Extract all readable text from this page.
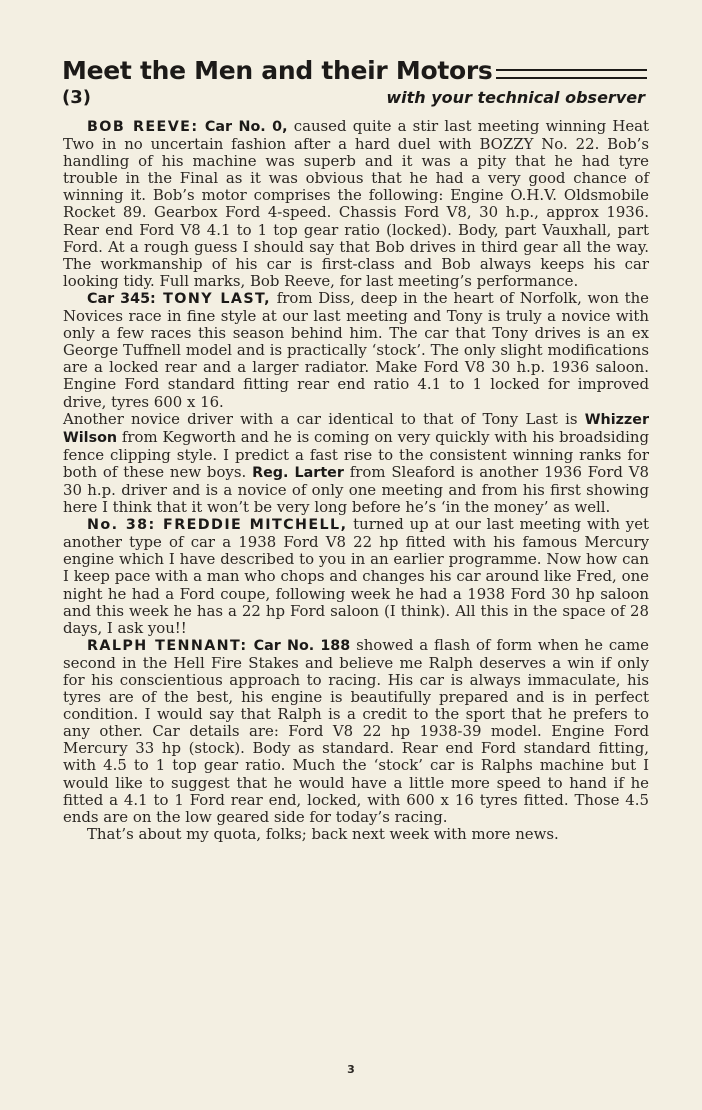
Meet the Men and their Motors
(3)	with your technical observer

BOB REEVE: Car No. 0, caused quite a stir last meeting winning Heat Two in no uncertain fashion after a hard duel with BOZZY No. 22. Bob’s handling of his machine was superb and it was a pity that he had tyre trouble in the Final as it was obvious that he had a very good chance of winning it. Bob’s motor comprises the following: Engine O.H.V. Oldsmobile Rocket 89. Gearbox Ford 4-speed. Chassis Ford V8, 30 h.p., approx 1936. Rear end Ford V8 4.1 to 1 top gear ratio (locked). Body, part Vauxhall, part Ford. At a rough guess I should say that Bob drives in third gear all the way. The workmanship of his car is first-class and Bob always keeps his car looking tidy. Full marks, Bob Reeve, for last meeting’s performance.

Car 345: TONY LAST, from Diss, deep in the heart of Norfolk, won the Novices race in fine style at our last meeting and Tony is truly a novice with only a few races this season behind him. The car that Tony drives is an ex George Tuffnell model and is practically ‘stock’. The only slight modifications are a locked rear and a larger radiator. Make Ford V8 30 h.p. 1936 saloon. Engine Ford standard fitting rear end ratio 4.1 to 1 locked for improved drive, tyres 600 x 16.

Another novice driver with a car identical to that of Tony Last is Whizzer Wilson from Kegworth and he is coming on very quickly with his broadsiding fence clipping style. I predict a fast rise to the consistent winning ranks for both of these new boys. Reg. Larter from Sleaford is another 1936 Ford V8 30 h.p. driver and is a novice of only one meeting and from his first showing here I think that it won’t be very long before he’s ‘in the money’ as well.

No. 38: FREDDIE MITCHELL, turned up at our last meeting with yet another type of car a 1938 Ford V8 22 hp fitted with his famous Mercury engine which I have described to you in an earlier programme. Now how can I keep pace with a man who chops and changes his car around like Fred, one night he had a Ford coupe, following week he had a 1938 Ford 30 hp saloon and this week he has a 22 hp Ford saloon (I think). All this in the space of 28 days, I ask you!!

RALPH TENNANT: Car No. 188 showed a flash of form when he came second in the Hell Fire Stakes and believe me Ralph deserves a win if only for his conscientious approach to racing. His car is always immaculate, his tyres are of the best, his engine is beautifully prepared and is in perfect condition. I would say that Ralph is a credit to the sport that he prefers to any other. Car details are: Ford V8 22 hp 1938-39 model. Engine Ford Mercury 33 hp (stock). Body as standard. Rear end Ford standard fitting, with 4.5 to 1 top gear ratio. Much the ‘stock’ car is Ralphs machine but I would like to suggest that he would have a little more speed to hand if he fitted a 4.1 to 1 Ford rear end, locked, with 600 x 16 tyres fitted. Those 4.5 ends are on the low geared side for today’s racing.

That’s about my quota, folks; back next week with more news.

3
